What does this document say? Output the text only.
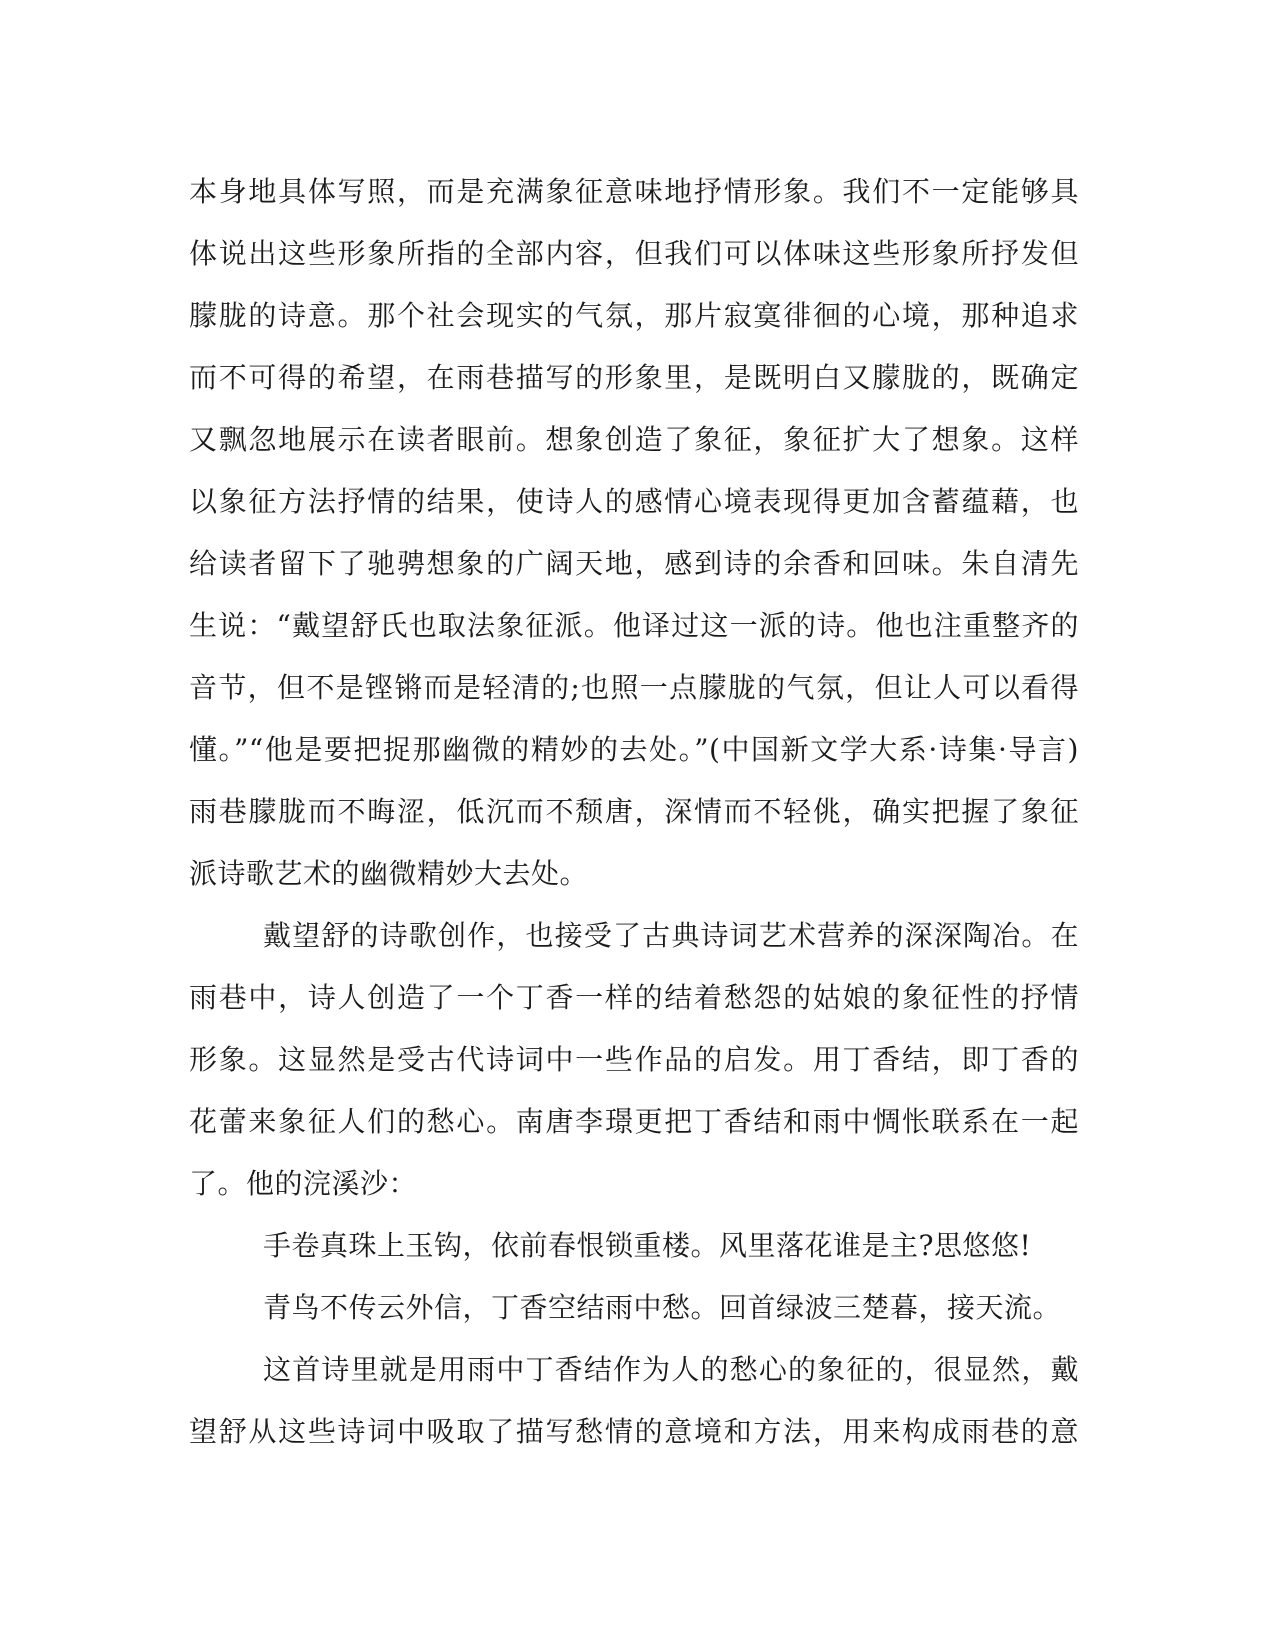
本身地具体写照，而是充满象征意味地抒情形象。我们不一定能够具
体说出这些形象所指的全部内容，但我们可以体味这些形象所抒发但
朦胧的诗意。那个社会现实的气氛，那片寂寞徘徊的心境，那种追求
而不可得的希望，在雨巷描写的形象里，是既明白又朦胧的，既确定
又飘忽地展示在读者眼前。想象创造了象征，象征扩大了想象。这样
以象征方法抒情的结果，使诗人的感情心境表现得更加含蓄蕴藉，也
给读者留下了驰骋想象的广阔天地，感到诗的余香和回味。朱自清先
生说：“戴望舒氏也取法象征派。他译过这一派的诗。他也注重整齐的
音节，但不是铿锵而是轻清的;也照一点朦胧的气氛，但让人可以看得
懂。”“他是要把捉那幽微的精妙的去处。”(中国新文学大系·诗集·导言)
雨巷朦胧而不晦涩，低沉而不颓唐，深情而不轻佻，确实把握了象征
派诗歌艺术的幽微精妙大去处。
戴望舒的诗歌创作，也接受了古典诗词艺术营养的深深陶冶。在
雨巷中，诗人创造了一个丁香一样的结着愁怨的姑娘的象征性的抒情
形象。这显然是受古代诗词中一些作品的启发。用丁香结，即丁香的
花蕾来象征人们的愁心。南唐李璟更把丁香结和雨中惆怅联系在一起
了。他的浣溪沙：
手卷真珠上玉钩，依前春恨锁重楼。风里落花谁是主?思悠悠!
青鸟不传云外信，丁香空结雨中愁。回首绿波三楚暮，接天流。
这首诗里就是用雨中丁香结作为人的愁心的象征的，很显然，戴
望舒从这些诗词中吸取了描写愁情的意境和方法，用来构成雨巷的意
